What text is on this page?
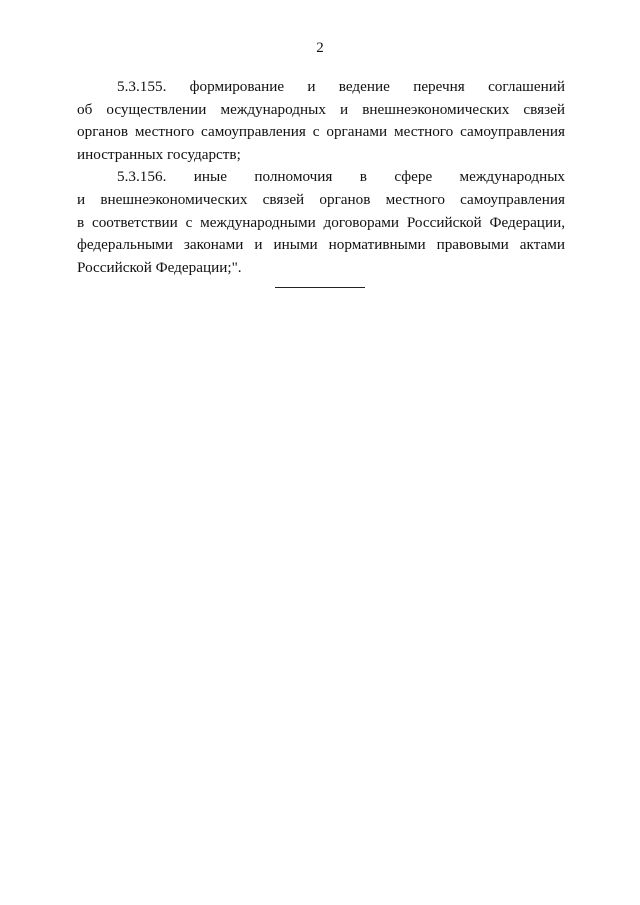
2
5.3.155. формирование и ведение перечня соглашений
об осуществлении международных и внешнеэкономических связей
органов местного самоуправления с органами местного самоуправления
иностранных государств;
5.3.156. иные полномочия в сфере международных
и внешнеэкономических связей органов местного самоуправления
в соответствии с международными договорами Российской Федерации,
федеральными законами и иными нормативными правовыми актами
Российской Федерации;".
